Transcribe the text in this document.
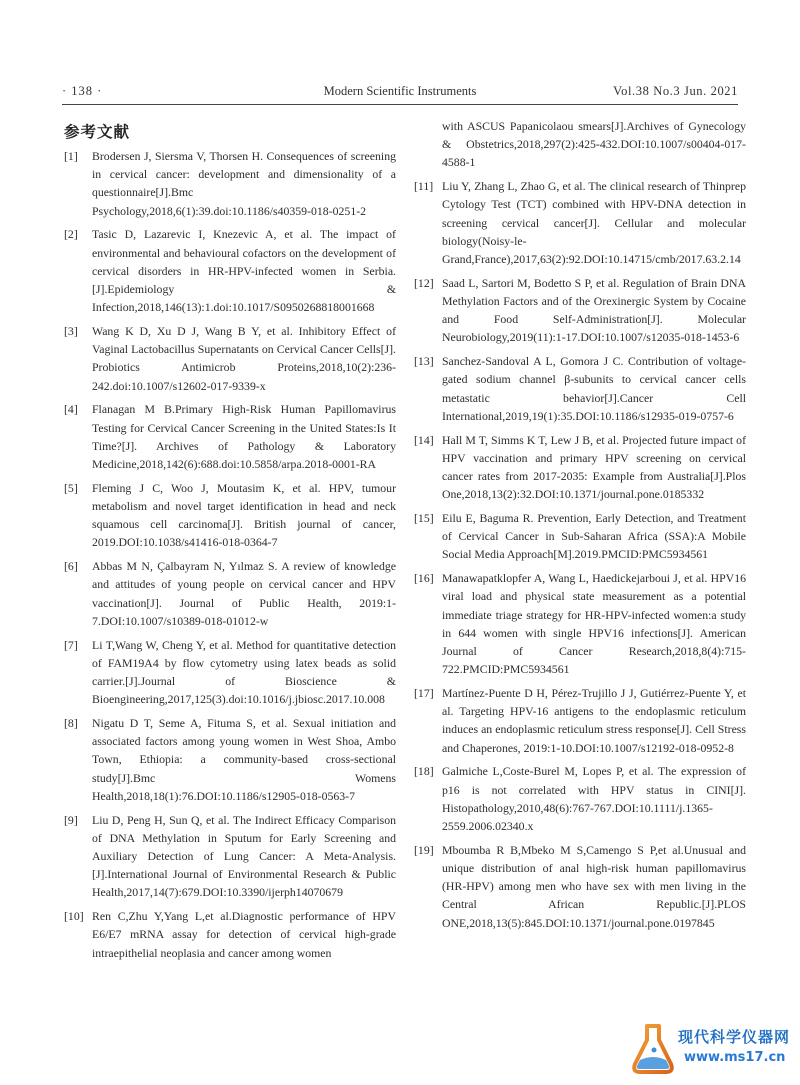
· 138 ·	Modern Scientific Instruments	Vol.38 No.3 Jun. 2021
参考文献
[1] Brodersen J, Siersma V, Thorsen H. Consequences of screening in cervical cancer: development and dimensionality of a questionnaire[J].Bmc Psychology,2018,6(1):39.doi:10.1186/s40359-018-0251-2
[2] Tasic D, Lazarevic I, Knezevic A, et al. The impact of environmental and behavioural cofactors on the development of cervical disorders in HR-HPV-infected women in Serbia.[J].Epidemiology & Infection,2018,146(13):1.doi:10.1017/S0950268818001668
[3] Wang K D, Xu D J, Wang B Y, et al. Inhibitory Effect of Vaginal Lactobacillus Supernatants on Cervical Cancer Cells[J]. Probiotics Antimicrob Proteins,2018,10(2):236-242.doi:10.1007/s12602-017-9339-x
[4] Flanagan M B.Primary High-Risk Human Papillomavirus Testing for Cervical Cancer Screening in the United States:Is It Time?[J]. Archives of Pathology & Laboratory Medicine,2018,142(6):688.doi:10.5858/arpa.2018-0001-RA
[5] Fleming J C, Woo J, Moutasim K, et al. HPV, tumour metabolism and novel target identification in head and neck squamous cell carcinoma[J]. British journal of cancer, 2019.DOI:10.1038/s41416-018-0364-7
[6] Abbas M N, Çalbayram N, Yılmaz S. A review of knowledge and attitudes of young people on cervical cancer and HPV vaccination[J]. Journal of Public Health, 2019:1-7.DOI:10.1007/s10389-018-01012-w
[7] Li T,Wang W, Cheng Y, et al. Method for quantitative detection of FAM19A4 by flow cytometry using latex beads as solid carrier.[J].Journal of Bioscience & Bioengineering,2017,125(3).doi:10.1016/j.jbiosc.2017.10.008
[8] Nigatu D T, Seme A, Fituma S, et al. Sexual initiation and associated factors among young women in West Shoa, Ambo Town, Ethiopia: a community-based cross-sectional study[J].Bmc Womens Health,2018,18(1):76.DOI:10.1186/s12905-018-0563-7
[9] Liu D, Peng H, Sun Q, et al. The Indirect Efficacy Comparison of DNA Methylation in Sputum for Early Screening and Auxiliary Detection of Lung Cancer: A Meta-Analysis.[J].International Journal of Environmental Research & Public Health,2017,14(7):679.DOI:10.3390/ijerph14070679
[10] Ren C,Zhu Y,Yang L,et al.Diagnostic performance of HPV E6/E7 mRNA assay for detection of cervical high-grade intraepithelial neoplasia and cancer among women
with ASCUS Papanicolaou smears[J].Archives of Gynecology & Obstetrics,2018,297(2):425-432.DOI:10.1007/s00404-017-4588-1
[11] Liu Y, Zhang L, Zhao G, et al. The clinical research of Thinprep Cytology Test (TCT) combined with HPV-DNA detection in screening cervical cancer[J]. Cellular and molecular biology(Noisy-le-Grand,France),2017,63(2):92.DOI:10.14715/cmb/2017.63.2.14
[12] Saad L, Sartori M, Bodetto S P, et al. Regulation of Brain DNA Methylation Factors and of the Orexinergic System by Cocaine and Food Self-Administration[J]. Molecular Neurobiology,2019(11):1-17.DOI:10.1007/s12035-018-1453-6
[13] Sanchez-Sandoval A L, Gomora J C. Contribution of voltage-gated sodium channel β-subunits to cervical cancer cells metastatic behavior[J].Cancer Cell International,2019,19(1):35.DOI:10.1186/s12935-019-0757-6
[14] Hall M T, Simms K T, Lew J B, et al. Projected future impact of HPV vaccination and primary HPV screening on cervical cancer rates from 2017-2035: Example from Australia[J].Plos One,2018,13(2):32.DOI:10.1371/journal.pone.0185332
[15] Eilu E, Baguma R. Prevention, Early Detection, and Treatment of Cervical Cancer in Sub-Saharan Africa (SSA):A Mobile Social Media Approach[M].2019.PMCID:PMC5934561
[16] Manawapatklopfer A, Wang L, Haedickejarboui J, et al. HPV16 viral load and physical state measurement as a potential immediate triage strategy for HR-HPV-infected women:a study in 644 women with single HPV16 infections[J]. American Journal of Cancer Research,2018,8(4):715-722.PMCID:PMC5934561
[17] Martínez-Puente D H, Pérez-Trujillo J J, Gutiérrez-Puente Y, et al. Targeting HPV-16 antigens to the endoplasmic reticulum induces an endoplasmic reticulum stress response[J]. Cell Stress and Chaperones, 2019:1-10.DOI:10.1007/s12192-018-0952-8
[18] Galmiche L,Coste-Burel M, Lopes P, et al. The expression of p16 is not correlated with HPV status in CINI[J]. Histopathology,2010,48(6):767-767.DOI:10.1111/j.1365-2559.2006.02340.x
[19] Mboumba R B,Mbeko M S,Camengo S P,et al.Unusual and unique distribution of anal high-risk human papillomavirus (HR-HPV) among men who have sex with men living in the Central African Republic.[J].PLOS ONE,2018,13(5):845.DOI:10.1371/journal.pone.0197845
现代科学仪器网
www.ms17.cn
